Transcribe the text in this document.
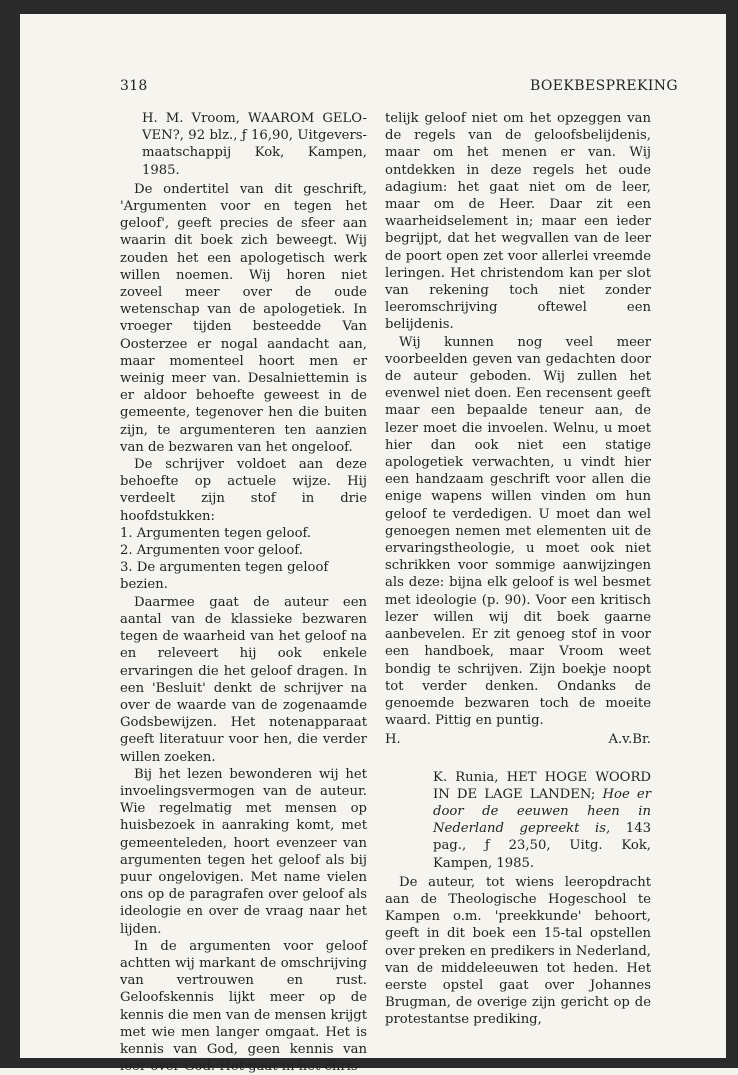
318	BOEKBESPREKING

H. M. Vroom, WAAROM GELO-VEN?, 92 blz., ƒ 16,90, Uitgevers-maatschappij Kok, Kampen, 1985.

De ondertitel van dit geschrift, 'Argumenten voor en tegen het geloof', geeft precies de sfeer aan waarin dit boek zich beweegt. Wij zouden het een apologetisch werk willen noemen. Wij horen niet zoveel meer over de oude wetenschap van de apologetiek. In vroeger tijden besteedde Van Oosterzee er nogal aandacht aan, maar momenteel hoort men er weinig meer van. Desalniettemin is er aldoor behoefte geweest in de gemeente, tegenover hen die buiten zijn, te argumenteren ten aanzien van de bezwaren van het ongeloof.

De schrijver voldoet aan deze behoefte op actuele wijze. Hij verdeelt zijn stof in drie hoofdstukken:

1. Argumenten tegen geloof.

2. Argumenten voor geloof.

3. De argumenten tegen geloof bezien.

Daarmee gaat de auteur een aantal van de klassieke bezwaren tegen de waarheid van het geloof na en releveert hij ook enkele ervaringen die het geloof dragen. In een 'Besluit' denkt de schrijver na over de waarde van de zogenaamde Godsbewijzen. Het notenapparaat geeft literatuur voor hen, die verder willen zoeken.

Bij het lezen bewonderen wij het invoelingsvermogen van de auteur. Wie regelmatig met mensen op huisbezoek in aanraking komt, met gemeenteleden, hoort evenzeer van argumenten tegen het geloof als bij puur ongelovigen. Met name vielen ons op de paragrafen over geloof als ideologie en over de vraag naar het lijden.

In de argumenten voor geloof achtten wij markant de omschrijving van vertrouwen en rust. Geloofskennis lijkt meer op de kennis die men van de mensen krijgt met wie men langer omgaat. Het is kennis van God, geen kennis van leer over God. Het gaat in het chris-

telijk geloof niet om het opzeggen van de regels van de geloofsbelijdenis, maar om het menen er van. Wij ontdekken in deze regels het oude adagium: het gaat niet om de leer, maar om de Heer. Daar zit een waarheidselement in; maar een ieder begrijpt, dat het wegvallen van de leer de poort open zet voor allerlei vreemde leringen. Het christendom kan per slot van rekening toch niet zonder leeromschrijving oftewel een belijdenis.

Wij kunnen nog veel meer voorbeelden geven van gedachten door de auteur geboden. Wij zullen het evenwel niet doen. Een recensent geeft maar een bepaalde teneur aan, de lezer moet die invoelen. Welnu, u moet hier dan ook niet een statige apologetiek verwachten, u vindt hier een handzaam geschrift voor allen die enige wapens willen vinden om hun geloof te verdedigen. U moet dan wel genoegen nemen met elementen uit de ervaringstheologie, u moet ook niet schrikken voor sommige aanwijzingen als deze: bijna elk geloof is wel besmet met ideologie (p. 90). Voor een kritisch lezer willen wij dit boek gaarne aanbevelen. Er zit genoeg stof in voor een handboek, maar Vroom weet bondig te schrijven. Zijn boekje noopt tot verder denken. Ondanks de genoemde bezwaren toch de moeite waard. Pittig en puntig.

H.	A.v.Br.

K. Runia, HET HOGE WOORD IN DE LAGE LANDEN; Hoe er door de eeuwen heen in Nederland gepreekt is, 143 pag., ƒ 23,50, Uitg. Kok, Kampen, 1985.

De auteur, tot wiens leeropdracht aan de Theologische Hogeschool te Kampen o.m. 'preekkunde' behoort, geeft in dit boek een 15-tal opstellen over preken en predikers in Nederland, van de middeleeuwen tot heden. Het eerste opstel gaat over Johannes Brugman, de overige zijn gericht op de protestantse prediking,
